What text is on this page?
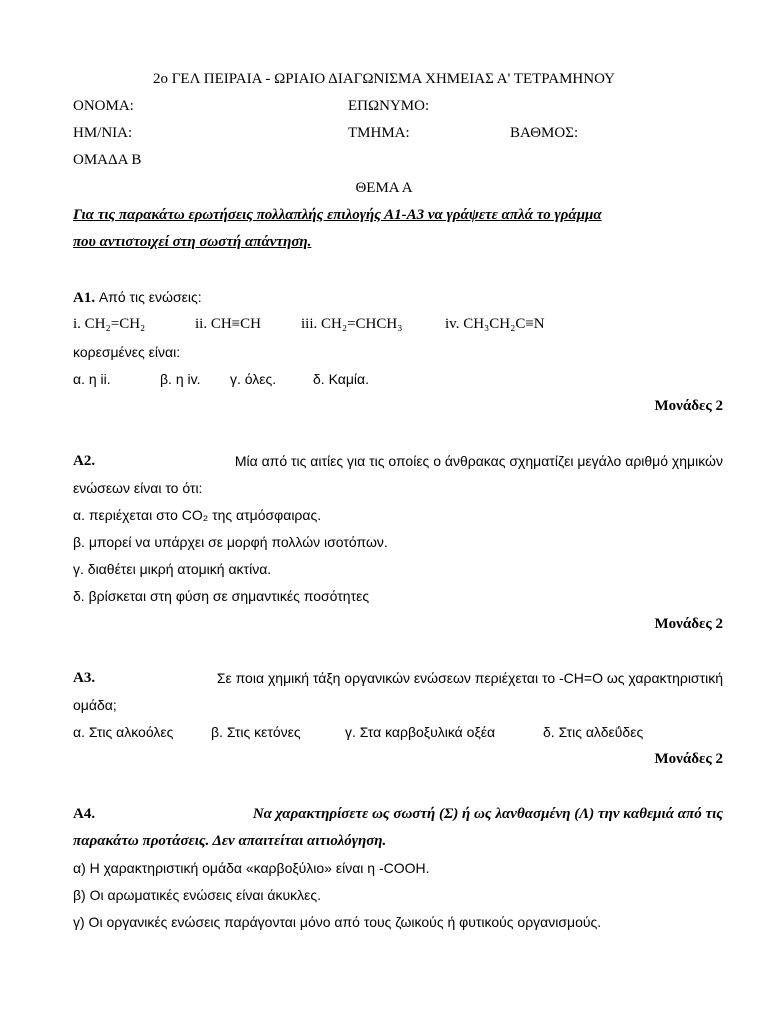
2ο ΓΕΛ ΠΕΙΡΑΙΑ - ΩΡΙΑΙΟ ΔΙΑΓΩΝΙΣΜΑ ΧΗΜΕΙΑΣ Α' ΤΕΤΡΑΜΗΝΟΥ
ΟΝΟΜΑ:	ΕΠΩΝΥΜΟ:
ΗΜ/ΝΙΑ:	ΤΜΗΜΑ:	ΒΑΘΜΟΣ:
ΟΜΑΔΑ Β
ΘΕΜΑ Α
Για τις παρακάτω ερωτήσεις πολλαπλής επιλογής Α1-Α3 να γράψετε απλά το γράμμα
που αντιστοιχεί στη σωστή απάντηση.
Α1. Από τις ενώσεις:
i. CH₂=CH₂	ii. CH≡CH	iii. CH₂=CHCH₃	iv. CH₃CH₂C≡N
κορεσμένες είναι:
α. η ii.	β. η iv. γ. όλες.	δ. Καμία.
Μονάδες 2
Α2.	Μία από τις αιτίες για τις οποίες ο άνθρακας σχηματίζει μεγάλο αριθμό χημικών
ενώσεων είναι το ότι:
α. περιέχεται στο CO₂ της ατμόσφαιρας.
β. μπορεί να υπάρχει σε μορφή πολλών ισοτόπων.
γ. διαθέτει μικρή ατομική ακτίνα.
δ. βρίσκεται στη φύση σε σημαντικές ποσότητες
Μονάδες 2
Α3.	Σε ποια χημική τάξη οργανικών ενώσεων περιέχεται το -CH=O ως χαρακτηριστική
ομάδα;
α. Στις αλκοόλες	β. Στις κετόνες	γ. Στα καρβοξυλικά οξέα	δ. Στις αλδεΰδες
Μονάδες 2
Α4.	Να χαρακτηρίσετε ως σωστή (Σ) ή ως λανθασμένη (Λ) την καθεμιά από τις
παρακάτω προτάσεις. Δεν απαιτείται αιτιολόγηση.
α) Η χαρακτηριστική ομάδα «καρβοξύλιο» είναι η -COOH.
β) Οι αρωματικές ενώσεις είναι άκυκλες.
γ) Οι οργανικές ενώσεις παράγονται μόνο από τους ζωικούς ή φυτικούς οργανισμούς.
